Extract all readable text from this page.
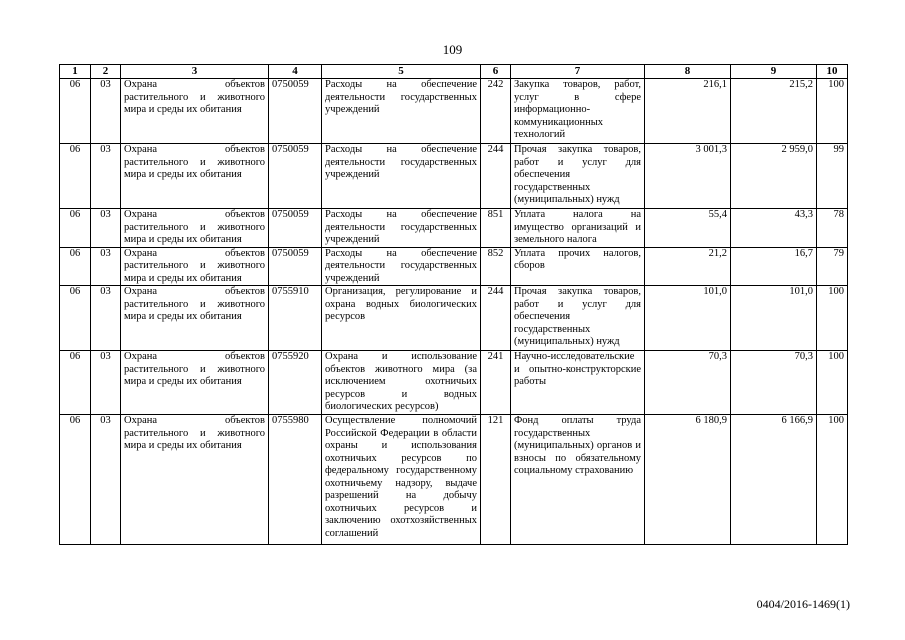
109
1	2	3	4	5	6	7	8	9	10
06	03	Охрана объектов растительного и животного мира и среды их обитания	0750059	Расходы на обеспечение деятельности государственных учреждений	242	Закупка товаров, работ, услуг в сфере информационно-коммуникационных технологий	216,1	215,2	100
06	03	Охрана объектов растительного и животного мира и среды их обитания	0750059	Расходы на обеспечение деятельности государственных учреждений	244	Прочая закупка товаров, работ и услуг для обеспечения государственных (муниципальных) нужд	3 001,3	2 959,0	99
06	03	Охрана объектов растительного и животного мира и среды их обитания	0750059	Расходы на обеспечение деятельности государственных учреждений	851	Уплата налога на имущество организаций и земельного налога	55,4	43,3	78
06	03	Охрана объектов растительного и животного мира и среды их обитания	0750059	Расходы на обеспечение деятельности государственных учреждений	852	Уплата прочих налогов, сборов	21,2	16,7	79
06	03	Охрана объектов растительного и животного мира и среды их обитания	0755910	Организация, регулирование и охрана водных биологических ресурсов	244	Прочая закупка товаров, работ и услуг для обеспечения государственных (муниципальных) нужд	101,0	101,0	100
06	03	Охрана объектов растительного и животного мира и среды их обитания	0755920	Охрана и использование объектов животного мира (за исключением охотничьих ресурсов и водных биологических ресурсов)	241	Научно-исследовательские и опытно-конструкторские работы	70,3	70,3	100
06	03	Охрана объектов растительного и животного мира и среды их обитания	0755980	Осуществление полномочий Российской Федерации в области охраны и использования охотничьих ресурсов по федеральному государственному охотничьему надзору, выдаче разрешений на добычу охотничьих ресурсов и заключению охотхозяйственных соглашений	121	Фонд оплаты труда государственных (муниципальных) органов и взносы по обязательному социальному страхованию	6 180,9	6 166,9	100
0404/2016-1469(1)
